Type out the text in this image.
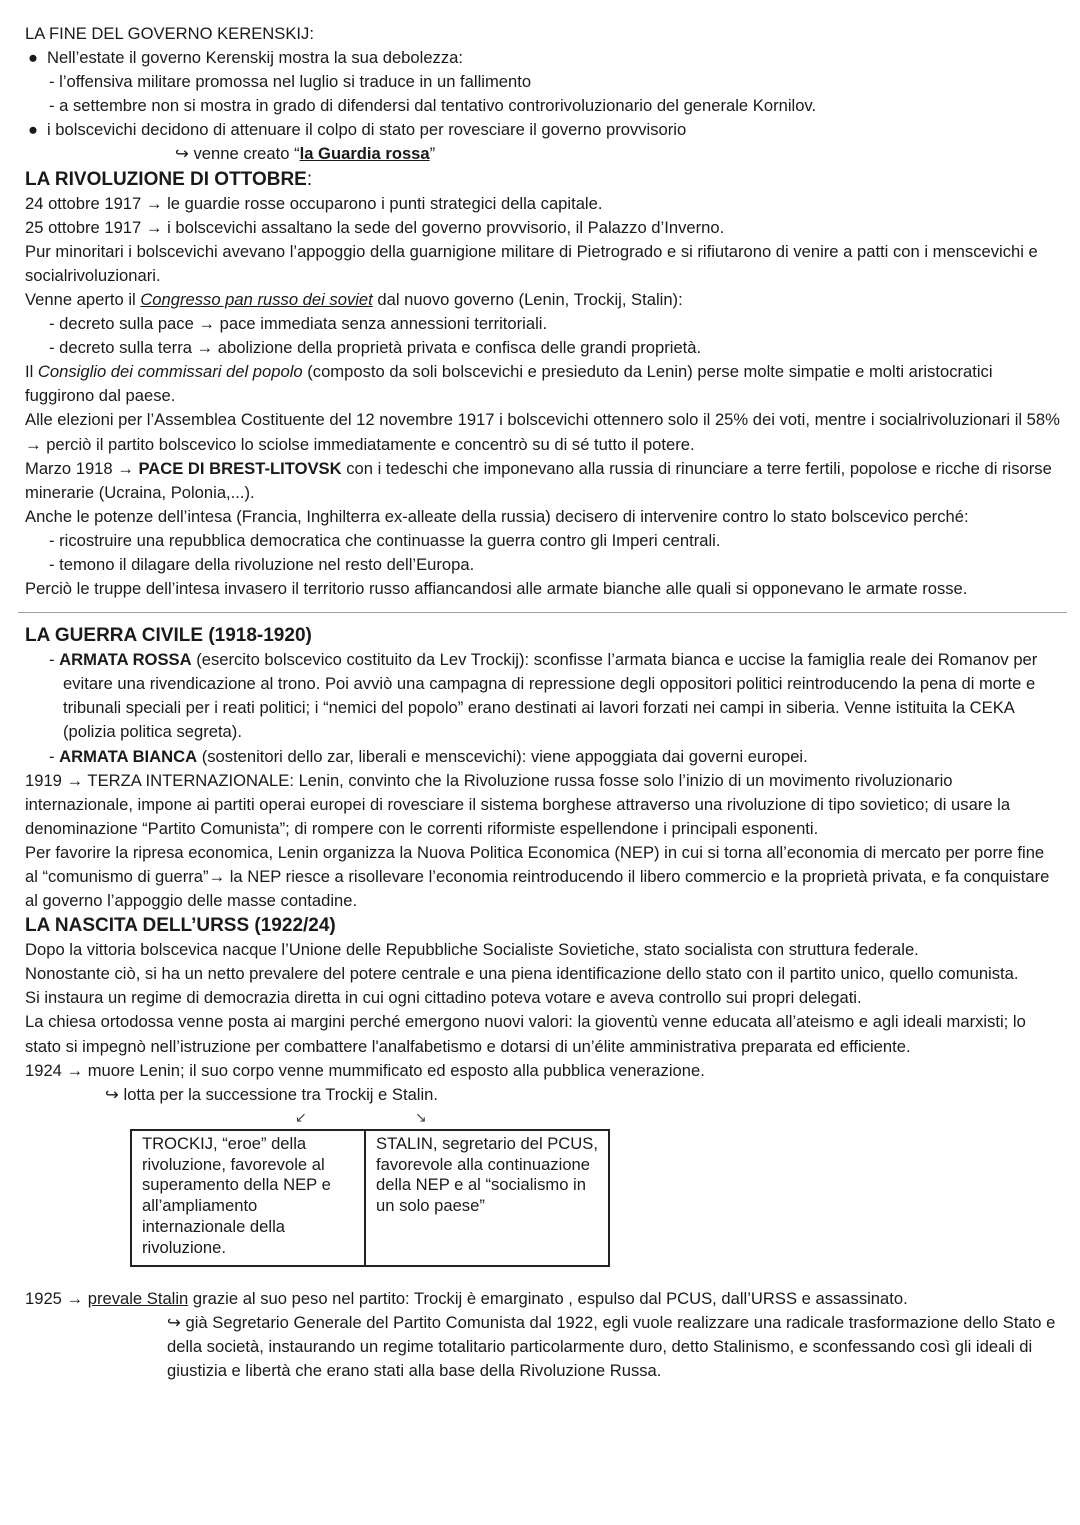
LA FINE DEL GOVERNO KERENSKIJ:
● Nell’estate il governo Kerenskij mostra la sua debolezza:
- l’offensiva militare promossa nel luglio si traduce in un fallimento
- a settembre non si mostra in grado di difendersi dal tentativo controrivoluzionario del generale Kornilov.
● i bolscevichi decidono di attenuare il colpo di stato per rovesciare il governo provvisorio
↪ venne creato “la Guardia rossa”
LA RIVOLUZIONE DI OTTOBRE:
24 ottobre 1917 → le guardie rosse occuparono i punti strategici della capitale.
25 ottobre 1917 → i bolscevichi assaltano la sede del governo provvisorio, il Palazzo d’Inverno.
Pur minoritari i bolscevichi avevano l’appoggio della guarnigione militare di Pietrogrado e si rifiutarono di venire a patti con i menscevichi e socialrivoluzionari.
Venne aperto il Congresso pan russo dei soviet dal nuovo governo (Lenin, Trockij, Stalin):
- decreto sulla pace → pace immediata senza annessioni territoriali.
- decreto sulla terra → abolizione della proprietà privata e confisca delle grandi proprietà.
Il Consiglio dei commissari del popolo (composto da soli bolscevichi e presieduto da Lenin) perse molte simpatie e molti aristocratici fuggirono dal paese.
Alle elezioni per l’Assemblea Costituente del 12 novembre 1917 i bolscevichi ottennero solo il 25% dei voti, mentre i socialrivoluzionari il 58% → perciò il partito bolscevico lo sciolse immediatamente e concentrò su di sé tutto il potere.
Marzo 1918 → PACE DI BREST-LITOVSK con i tedeschi che imponevano alla russia di rinunciare a terre fertili, popolose e ricche di risorse minerarie (Ucraina, Polonia,...).
Anche le potenze dell’intesa (Francia, Inghilterra ex-alleate della russia) decisero di intervenire contro lo stato bolscevico perché:
- ricostruire una repubblica democratica che continuasse la guerra contro gli Imperi centrali.
- temono il dilagare della rivoluzione nel resto dell’Europa.
Perciò le truppe dell’intesa invasero il territorio russo affiancandosi alle armate bianche alle quali si opponevano le armate rosse.
LA GUERRA CIVILE (1918-1920)
- ARMATA ROSSA (esercito bolscevico costituito da Lev Trockij): sconfisse l’armata bianca e uccise la famiglia reale dei Romanov per evitare una rivendicazione al trono. Poi avviò una campagna di repressione degli oppositori politici reintroducendo la pena di morte e tribunali speciali per i reati politici; i “nemici del popolo” erano destinati ai lavori forzati nei campi in siberia. Venne istituita la CEKA (polizia politica segreta).
- ARMATA BIANCA (sostenitori dello zar, liberali e menscevichi): viene appoggiata dai governi europei.
1919 → TERZA INTERNAZIONALE: Lenin, convinto che la Rivoluzione russa fosse solo l’inizio di un movimento rivoluzionario internazionale, impone ai partiti operai europei di rovesciare il sistema borghese attraverso una rivoluzione di tipo sovietico; di usare la denominazione “Partito Comunista”; di rompere con le correnti riformiste espellendone i principali esponenti.
Per favorire la ripresa economica, Lenin organizza la Nuova Politica Economica (NEP) in cui si torna all’economia di mercato per porre fine al “comunismo di guerra”→ la NEP riesce a risollevare l’economia reintroducendo il libero commercio e la proprietà privata, e fa conquistare al governo l’appoggio delle masse contadine.
LA NASCITA DELL’URSS (1922/24)
Dopo la vittoria bolscevica nacque l’Unione delle Repubbliche Socialiste Sovietiche, stato socialista con struttura federale.
Nonostante ciò, si ha un netto prevalere del potere centrale e una piena identificazione dello stato con il partito unico, quello comunista.
Si instaura un regime di democrazia diretta in cui ogni cittadino poteva votare e aveva controllo sui propri delegati.
La chiesa ortodossa venne posta ai margini perché emergono nuovi valori: la gioventù venne educata all’ateismo e agli ideali marxisti; lo stato si impegnò nell’istruzione per combattere l'analfabetismo e dotarsi di un’élite amministrativa preparata ed efficiente.
1924 → muore Lenin; il suo corpo venne mummificato ed esposto alla pubblica venerazione.
↪ lotta per la successione tra Trockij e Stalin.
↙	↘
TROCKIJ, “eroe” della rivoluzione, favorevole al superamento della NEP e all’ampliamento internazionale della rivoluzione.	STALIN, segretario del PCUS, favorevole alla continuazione della NEP e al “socialismo in un solo paese”
1925 → prevale Stalin grazie al suo peso nel partito: Trockij è emarginato , espulso dal PCUS, dall’URSS e assassinato.
↪ già Segretario Generale del Partito Comunista dal 1922, egli vuole realizzare una radicale trasformazione dello Stato e della società, instaurando un regime totalitario particolarmente duro, detto Stalinismo, e sconfessando così gli ideali di giustizia e libertà che erano stati alla base della Rivoluzione Russa.
